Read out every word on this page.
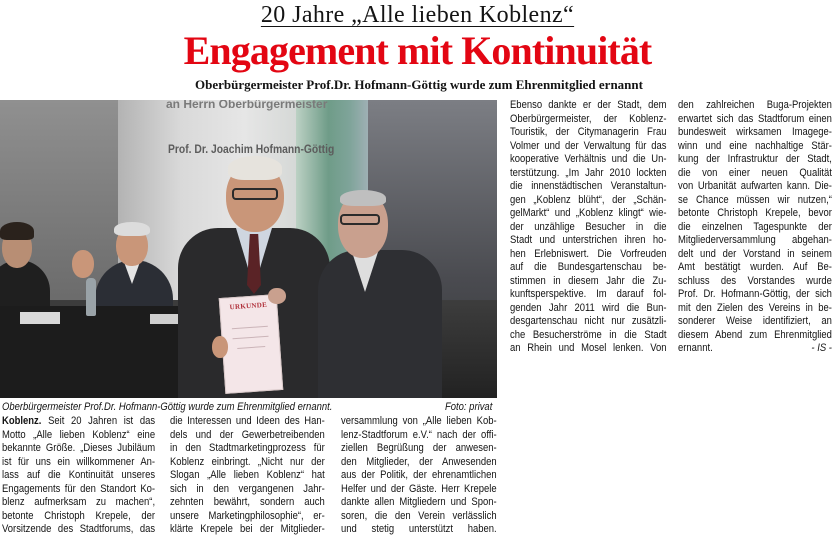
20 Jahre „Alle lieben Koblenz“
Engagement mit Kontinuität
Oberbürgermeister Prof.Dr. Hofmann-Göttig wurde zum Ehrenmitglied ernannt
an Herrn Oberbürgermeister
Prof. Dr. Joachim Hofmann-Göttig
URKUNDE
Oberbürgermeister Prof.Dr. Hofmann-Göttig wurde zum Ehrenmitglied ernannt.	Foto: privat
Koblenz. Seit 20 Jahren ist das
Motto „Alle lieben Koblenz“ eine
bekannte Größe. „Dieses Jubiläum
ist für uns ein willkommener An-
lass auf die Kontinuität unseres
Engagements für den Standort Ko-
blenz aufmerksam zu machen“,
betonte Christoph Krepele, der
Vorsitzende des Stadtforums, das
die Interessen und Ideen des Han-
dels und der Gewerbetreibenden
in den Stadtmarketingprozess für
Koblenz einbringt. „Nicht nur der
Slogan „Alle lieben Koblenz“ hat
sich in den vergangenen Jahr-
zehnten bewährt, sondern auch
unsere Marketingphilosophie“, er-
klärte Krepele bei der Mitglieder-
versammlung von „Alle lieben Kob-
lenz-Stadtforum e.V.“ nach der offi-
ziellen Begrüßung der anwesen-
den Mitglieder, der Anwesenden
aus der Politik, der ehrenamtlichen
Helfer und der Gäste. Herr Krepele
dankte allen Mitgliedern und Spon-
soren, die den Verein verlässlich
und stetig unterstützt haben.
Ebenso dankte er der Stadt, dem
Oberbürgermeister, der Koblenz-
Touristik, der Citymanagerin Frau
Volmer und der Verwaltung für das
kooperative Verhältnis und die Un-
terstützung. „Im Jahr 2010 lockten
die innenstädtischen Veranstaltun-
gen „Koblenz blüht“, der „Schän-
gelMarkt“ und „Koblenz klingt“ wie-
der unzählige Besucher in die
Stadt und unterstrichen ihren ho-
hen Erlebniswert. Die Vorfreuden
auf die Bundesgartenschau be-
stimmen in diesem Jahr die Zu-
kunftsperspektive. Im darauf fol-
genden Jahr 2011 wird die Bun-
desgartenschau nicht nur zusätzli-
che Besucherströme in die Stadt
an Rhein und Mosel lenken. Von
den zahlreichen Buga-Projekten
erwartet sich das Stadtforum einen
bundesweit wirksamen Imagege-
winn und eine nachhaltige Stär-
kung der Infrastruktur der Stadt,
die von einer neuen Qualität
von Urbanität aufwarten kann. Die-
se Chance müssen wir nutzen,“
betonte Christoph Krepele, bevor
die einzelnen Tagespunkte der
Mitgliederversammlung abgehan-
delt und der Vorstand in seinem
Amt bestätigt wurden. Auf Be-
schluss des Vorstandes wurde
Prof. Dr. Hofmann-Göttig, der sich
mit den Zielen des Vereins in be-
sonderer Weise identifiziert, an
diesem Abend zum Ehrenmitglied
ernannt.	- IS -
